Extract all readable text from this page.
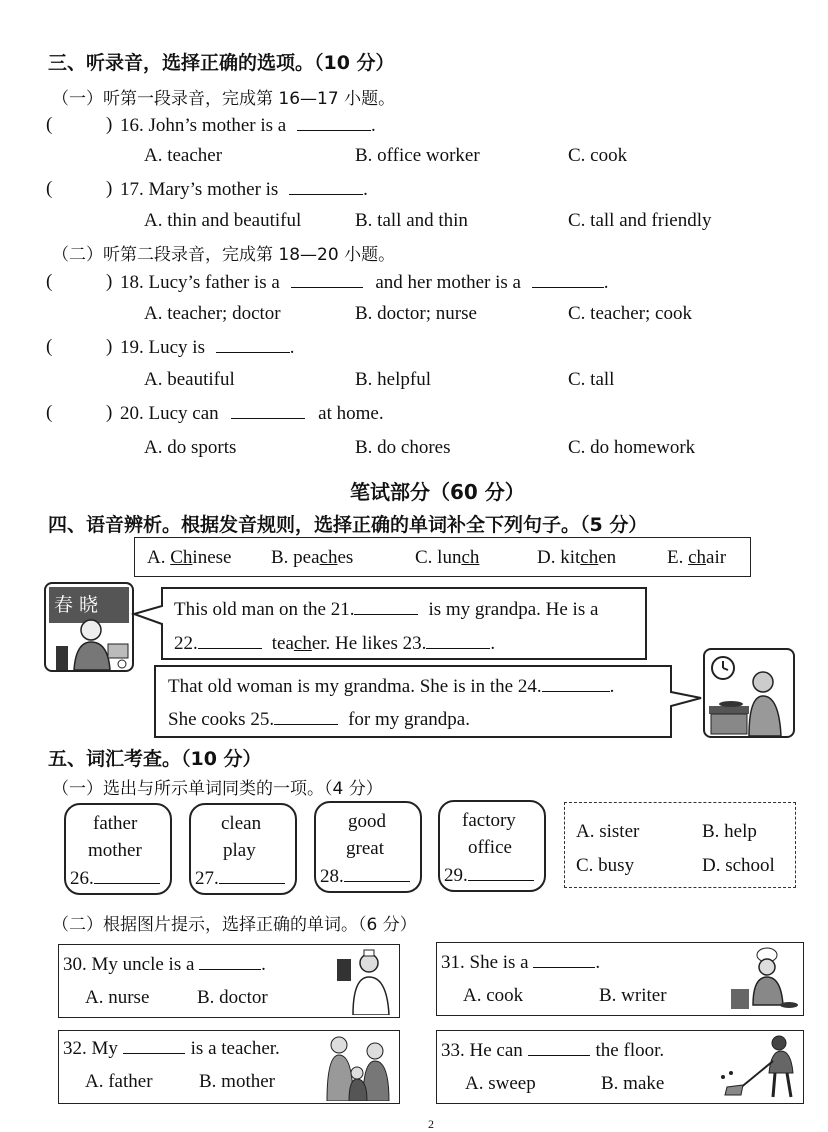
三、听录音，选择正确的选项。（10 分）
（一）听第一段录音，完成第 16—17 小题。
(	) 16. John’s mother is a	.
A. teacher	B. office worker	C. cook
(	) 17. Mary’s mother is	.
A. thin and beautiful	B. tall and thin	C. tall and friendly
（二）听第二段录音，完成第 18—20 小题。
(	) 18. Lucy’s father is a	and her mother is a	.
A. teacher; doctor	B. doctor; nurse	C. teacher; cook
(	) 19. Lucy is	.
A. beautiful	B. helpful	C. tall
(	) 20. Lucy can	at home.
A. do sports	B. do chores	C. do homework
笔试部分（60 分）
四、语音辨析。根据发音规则，选择正确的单词补全下列句子。（5 分）
A. Chinese B. peaches	C. lunch	D. kitchen	E. chair
春 晓	This old man on the 21.	is my grandpa. He is a
22.	teacher. He likes 23.	.
That old woman is my grandma. She is in the 24.	.
She cooks 25.	for my grandpa.
五、词汇考查。（10 分）
（一）选出与所示单词同类的一项。（4 分）
father
mother
26.
clean
play
27.
good
great
28.
factory
office
29.
A. sister	B. help
C. busy	D. school
（二）根据图片提示，选择正确的单词。（6 分）
30. My uncle is a	.
A. nurse	B. doctor
31. She is a	.
A. cook	B. writer
32. My	is a teacher.
A. father B. mother
33. He can	the floor.
A. sweep	B. make
2
